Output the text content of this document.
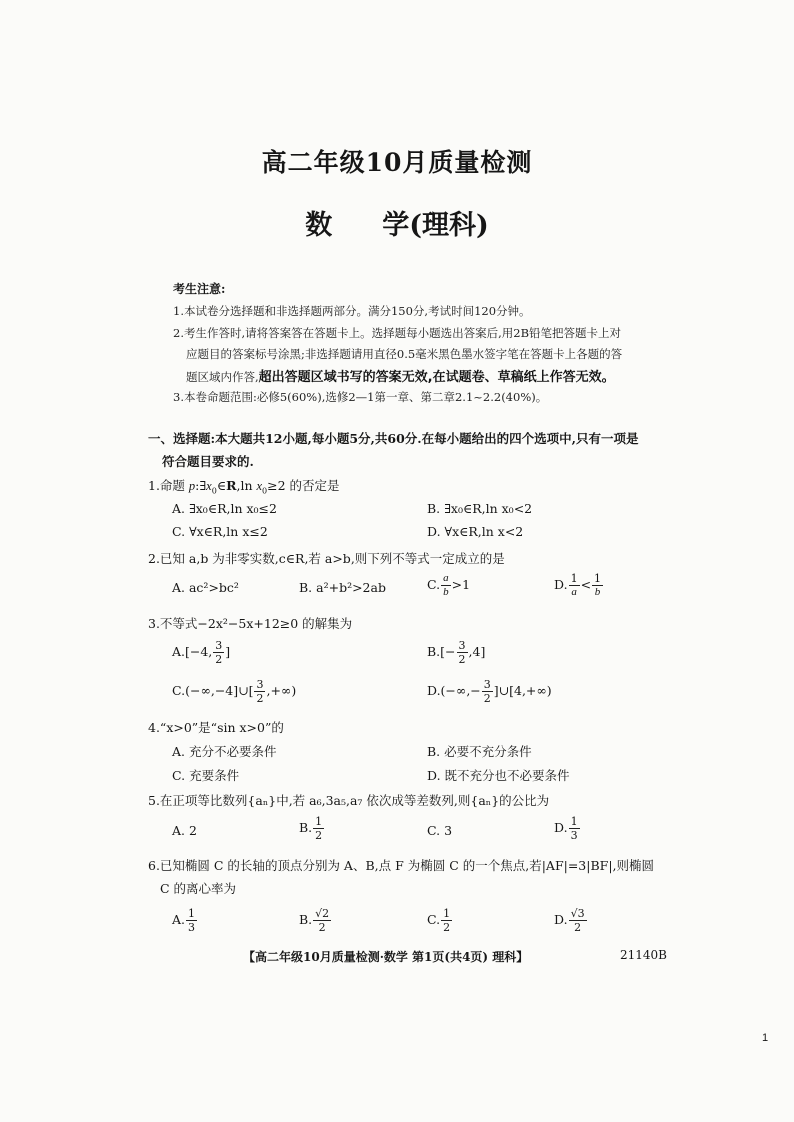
高二年级10月质量检测
数 学(理科)
考生注意:
1.本试卷分选择题和非选择题两部分。满分150分,考试时间120分钟。
2.考生作答时,请将答案答在答题卡上。选择题每小题选出答案后,用2B铅笔把答题卡上对
应题目的答案标号涂黑;非选择题请用直径0.5毫米黑色墨水签字笔在答题卡上各题的答
题区域内作答,超出答题区域书写的答案无效,在试题卷、草稿纸上作答无效。
3.本卷命题范围:必修5(60%),选修2—1第一章、第二章2.1~2.2(40%)。
一、选择题:本大题共12小题,每小题5分,共60分.在每小题给出的四个选项中,只有一项是
符合题目要求的.
1.命题 $p:\exists x_0\in R,\ln$ $x_0\ge 2$ 的否定是
A. ∃x₀∈R,ln x₀≤2	B. ∃x₀∈R,ln x₀<2
C. ∀x∈R,ln x≤2	D. ∀x∈R,ln x<2
2.已知 a,b 为非零实数,c∈R,若 a>b,则下列不等式一定成立的是
A. ac²>bc²	B. a²+b²>2ab	C. $\frac{a}{b} >1$	D. $\frac{1}{a} < \frac{1}{b}$
3.不等式−2x²−5x+12≥0 的解集为
A.[−4, $\frac{3}{2}$ ]	$B.[- \frac{3}{2} ,4]$
C.(−∞,−4]∪[ $\frac{3}{2}$ ,+∞)	$D.(-\infty,- \frac{3}{2}$ ]∪[4,+∞)
4.“x>0”是“sin x>0”的
A. 充分不必要条件	B. 必要不充分条件
C. 充要条件	D. 既不充分也不必要条件
5.在正项等比数列{aₙ}中,若 a₆,3a₅,a₇ 依次成等差数列,则{aₙ}的公比为
A. 2	B. $\frac{1}{2}$	C. 3	D. $\frac{1}{3}$
6.已知椭圆 C 的长轴的顶点分别为 A、B,点 F 为椭圆 C 的一个焦点,若|AF|=3|BF|,则椭圆
C 的离心率为
A. $\frac{1}{3}$	B. $\frac{√2}{2}$	C. $\frac{1}{2}$	D. $\frac{√3}{2}$
【高二年级10月质量检测·数学 第1页(共4页) 理科】	21140B
1
